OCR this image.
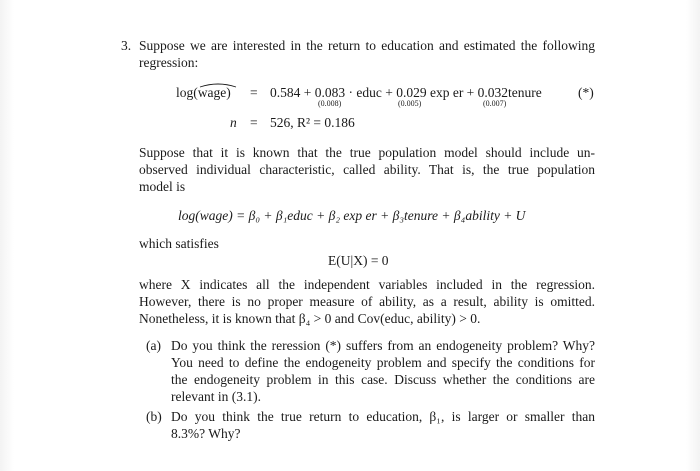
3. Suppose we are interested in the return to education and estimated the following
regression:
log(wage) = 0.584 + 0.083 · educ + 0.029 exp er + 0.032tenure	(*)
(0.008)	(0.005)	(0.007)
n = 526, R² = 0.186
Suppose that it is known that the true population model should include un-
observed individual characteristic, called ability. That is, the true population
model is
log(wage) = β₀ + β₁educ + β₂ exp er + β₃tenure + β₄ability + U
which satisfies
E(U|X) = 0
where X indicates all the independent variables included in the regression.
However, there is no proper measure of ability, as a result, ability is omitted.
Nonetheless, it is known that β₄ > 0 and Cov(educ, ability) > 0.
(a) Do you think the reression (*) suffers from an endogeneity problem? Why?
You need to define the endogeneity problem and specify the conditions for
the endogeneity problem in this case. Discuss whether the conditions are
relevant in (3.1).
(b) Do you think the true return to education, β₁, is larger or smaller than
8.3%? Why?
